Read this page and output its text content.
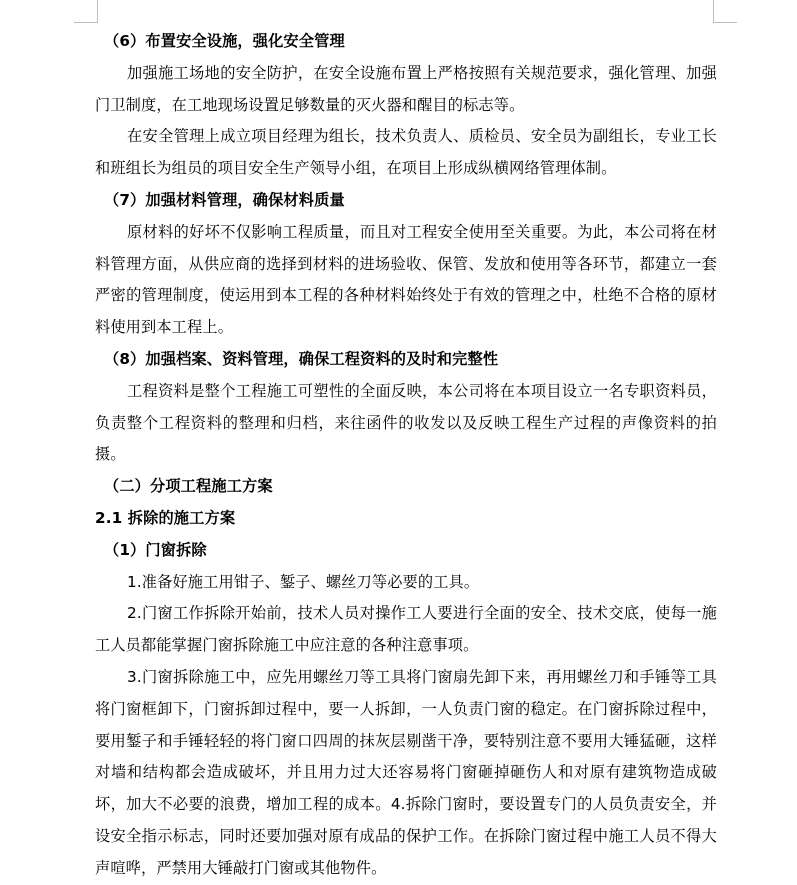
（6）布置安全设施，强化安全管理

加强施工场地的安全防护，在安全设施布置上严格按照有关规范要求，强化管理、加强门卫制度，在工地现场设置足够数量的灭火器和醒目的标志等。

在安全管理上成立项目经理为组长，技术负责人、质检员、安全员为副组长，专业工长和班组长为组员的项目安全生产领导小组，在项目上形成纵横网络管理体制。

（7）加强材料管理，确保材料质量

原材料的好坏不仅影响工程质量，而且对工程安全使用至关重要。为此，本公司将在材料管理方面，从供应商的选择到材料的进场验收、保管、发放和使用等各环节，都建立一套严密的管理制度，使运用到本工程的各种材料始终处于有效的管理之中，杜绝不合格的原材料使用到本工程上。

（8）加强档案、资料管理，确保工程资料的及时和完整性

工程资料是整个工程施工可塑性的全面反映，本公司将在本项目设立一名专职资料员，负责整个工程资料的整理和归档，来往函件的收发以及反映工程生产过程的声像资料的拍摄。

（二）分项工程施工方案

2.1 拆除的施工方案

（1）门窗拆除

1.准备好施工用钳子、錾子、螺丝刀等必要的工具。

2.门窗工作拆除开始前，技术人员对操作工人要进行全面的安全、技术交底，使每一施工人员都能掌握门窗拆除施工中应注意的各种注意事项。

3.门窗拆除施工中，应先用螺丝刀等工具将门窗扇先卸下来，再用螺丝刀和手锤等工具将门窗框卸下，门窗拆卸过程中，要一人拆卸，一人负责门窗的稳定。在门窗拆除过程中，要用錾子和手锤轻轻的将门窗口四周的抹灰层剔凿干净，要特别注意不要用大锤猛砸，这样对墙和结构都会造成破坏，并且用力过大还容易将门窗砸掉砸伤人和对原有建筑物造成破坏，加大不必要的浪费，增加工程的成本。4.拆除门窗时，要设置专门的人员负责安全，并设安全指示标志，同时还要加强对原有成品的保护工作。在拆除门窗过程中施工人员不得大声喧哗，严禁用大锤敲打门窗或其他物件。
